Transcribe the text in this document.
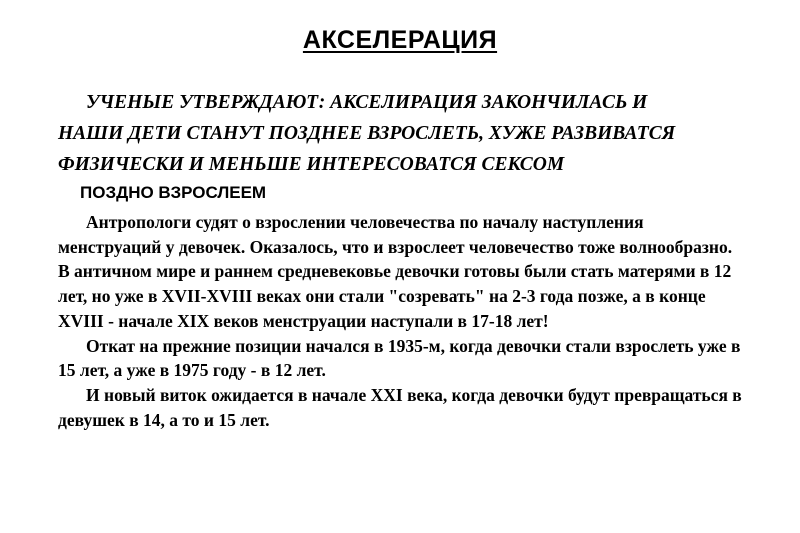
АКСЕЛЕРАЦИЯ

УЧЕНЫЕ УТВЕРЖДАЮТ: АКСЕЛИРАЦИЯ ЗАКОНЧИЛАСЬ И
НАШИ ДЕТИ СТАНУТ ПОЗДНЕЕ ВЗРОСЛЕТЬ, ХУЖЕ РАЗВИВАТСЯ
ФИЗИЧЕСКИ И МЕНЬШЕ ИНТЕРЕСОВАТСЯ СЕКСОМ

ПОЗДНО ВЗРОСЛЕЕМ

Антропологи судят о взрослении человечества по началу наступления менструаций у девочек. Оказалось, что и взрослеет человечество тоже волнообразно. В античном мире и раннем средневековье девочки готовы были стать матерями в 12 лет, но уже в XVII-XVIII веках они стали "созревать" на 2-3 года позже, а в конце XVIII - начале XIX веков менструации наступали в 17-18 лет!
Откат на прежние позиции начался в 1935-м, когда девочки стали взрослеть уже в 15 лет, а уже в 1975 году - в 12 лет.
И новый виток ожидается в начале XXI века, когда девочки будут превращаться в девушек в 14, а то и 15 лет.
